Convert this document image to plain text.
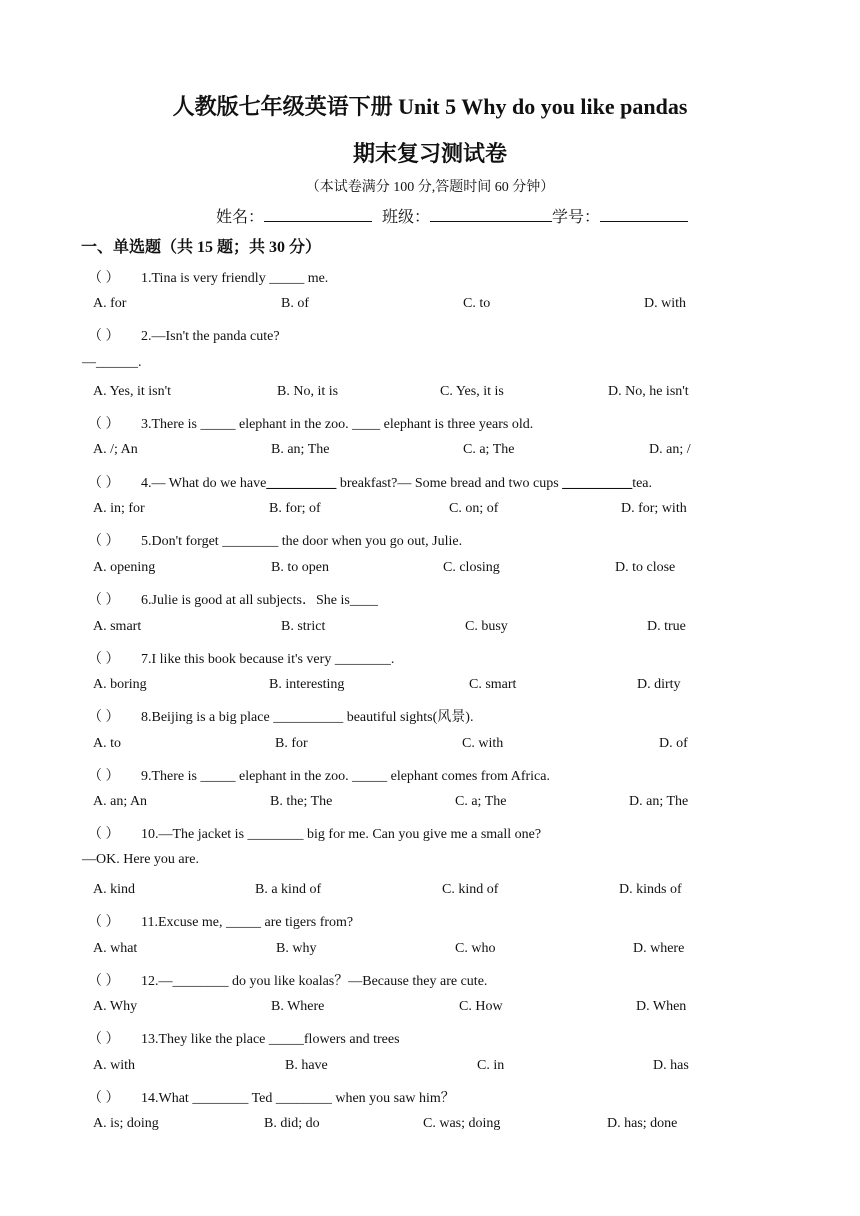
人教版七年级英语下册 Unit 5 Why do you like pandas
期末复习测试卷
（本试卷满分 100 分,答题时间 60 分钟）
姓名：	班级：	学号：
一、单选题（共 15 题；共 30 分）
（ ） 1.Tina is very friendly _____ me.
A. for	B. of	C. to	D. with
（ ） 2.—Isn't the panda cute?
—______.
A. Yes, it isn't	B. No, it is	C. Yes, it is	D. No, he isn't
（ ） 3.There is _____ elephant in the zoo. ____ elephant is three years old.
A. /; An	B. an; The	C. a; The	D. an; /
（ ） 4.— What do we have__________ breakfast?— Some bread and two cups __________tea.
A. in; for	B. for; of	C. on; of	D. for; with
（ ） 5.Don't forget ________ the door when you go out, Julie.
A. opening	B. to open	C. closing	D. to close
（ ） 6.Julie is good at all subjects．She is____
A. smart	B. strict	C. busy	D. true
（ ） 7.I like this book because it's very ________.
A. boring	B. interesting	C. smart	D. dirty
（ ） 8.Beijing is a big place __________ beautiful sights(风景).
A. to	B. for	C. with	D. of
（ ） 9.There is _____ elephant in the zoo. _____ elephant comes from Africa.
A. an; An	B. the; The	C. a; The	D. an; The
（ ） 10.—The jacket is ________ big for me. Can you give me a small one?
—OK. Here you are.
A. kind	B. a kind of	C. kind of	D. kinds of
（ ） 11.Excuse me, _____ are tigers from?
A. what	B. why	C. who	D. where
（ ） 12.—________ do you like koalas？—Because they are cute.
A. Why	B. Where	C. How	D. When
（ ） 13.They like the place _____flowers and trees
A. with	B. have	C. in	D. has
（ ） 14.What ________ Ted ________ when you saw him？
A. is; doing	B. did; do	C. was; doing	D. has; done
